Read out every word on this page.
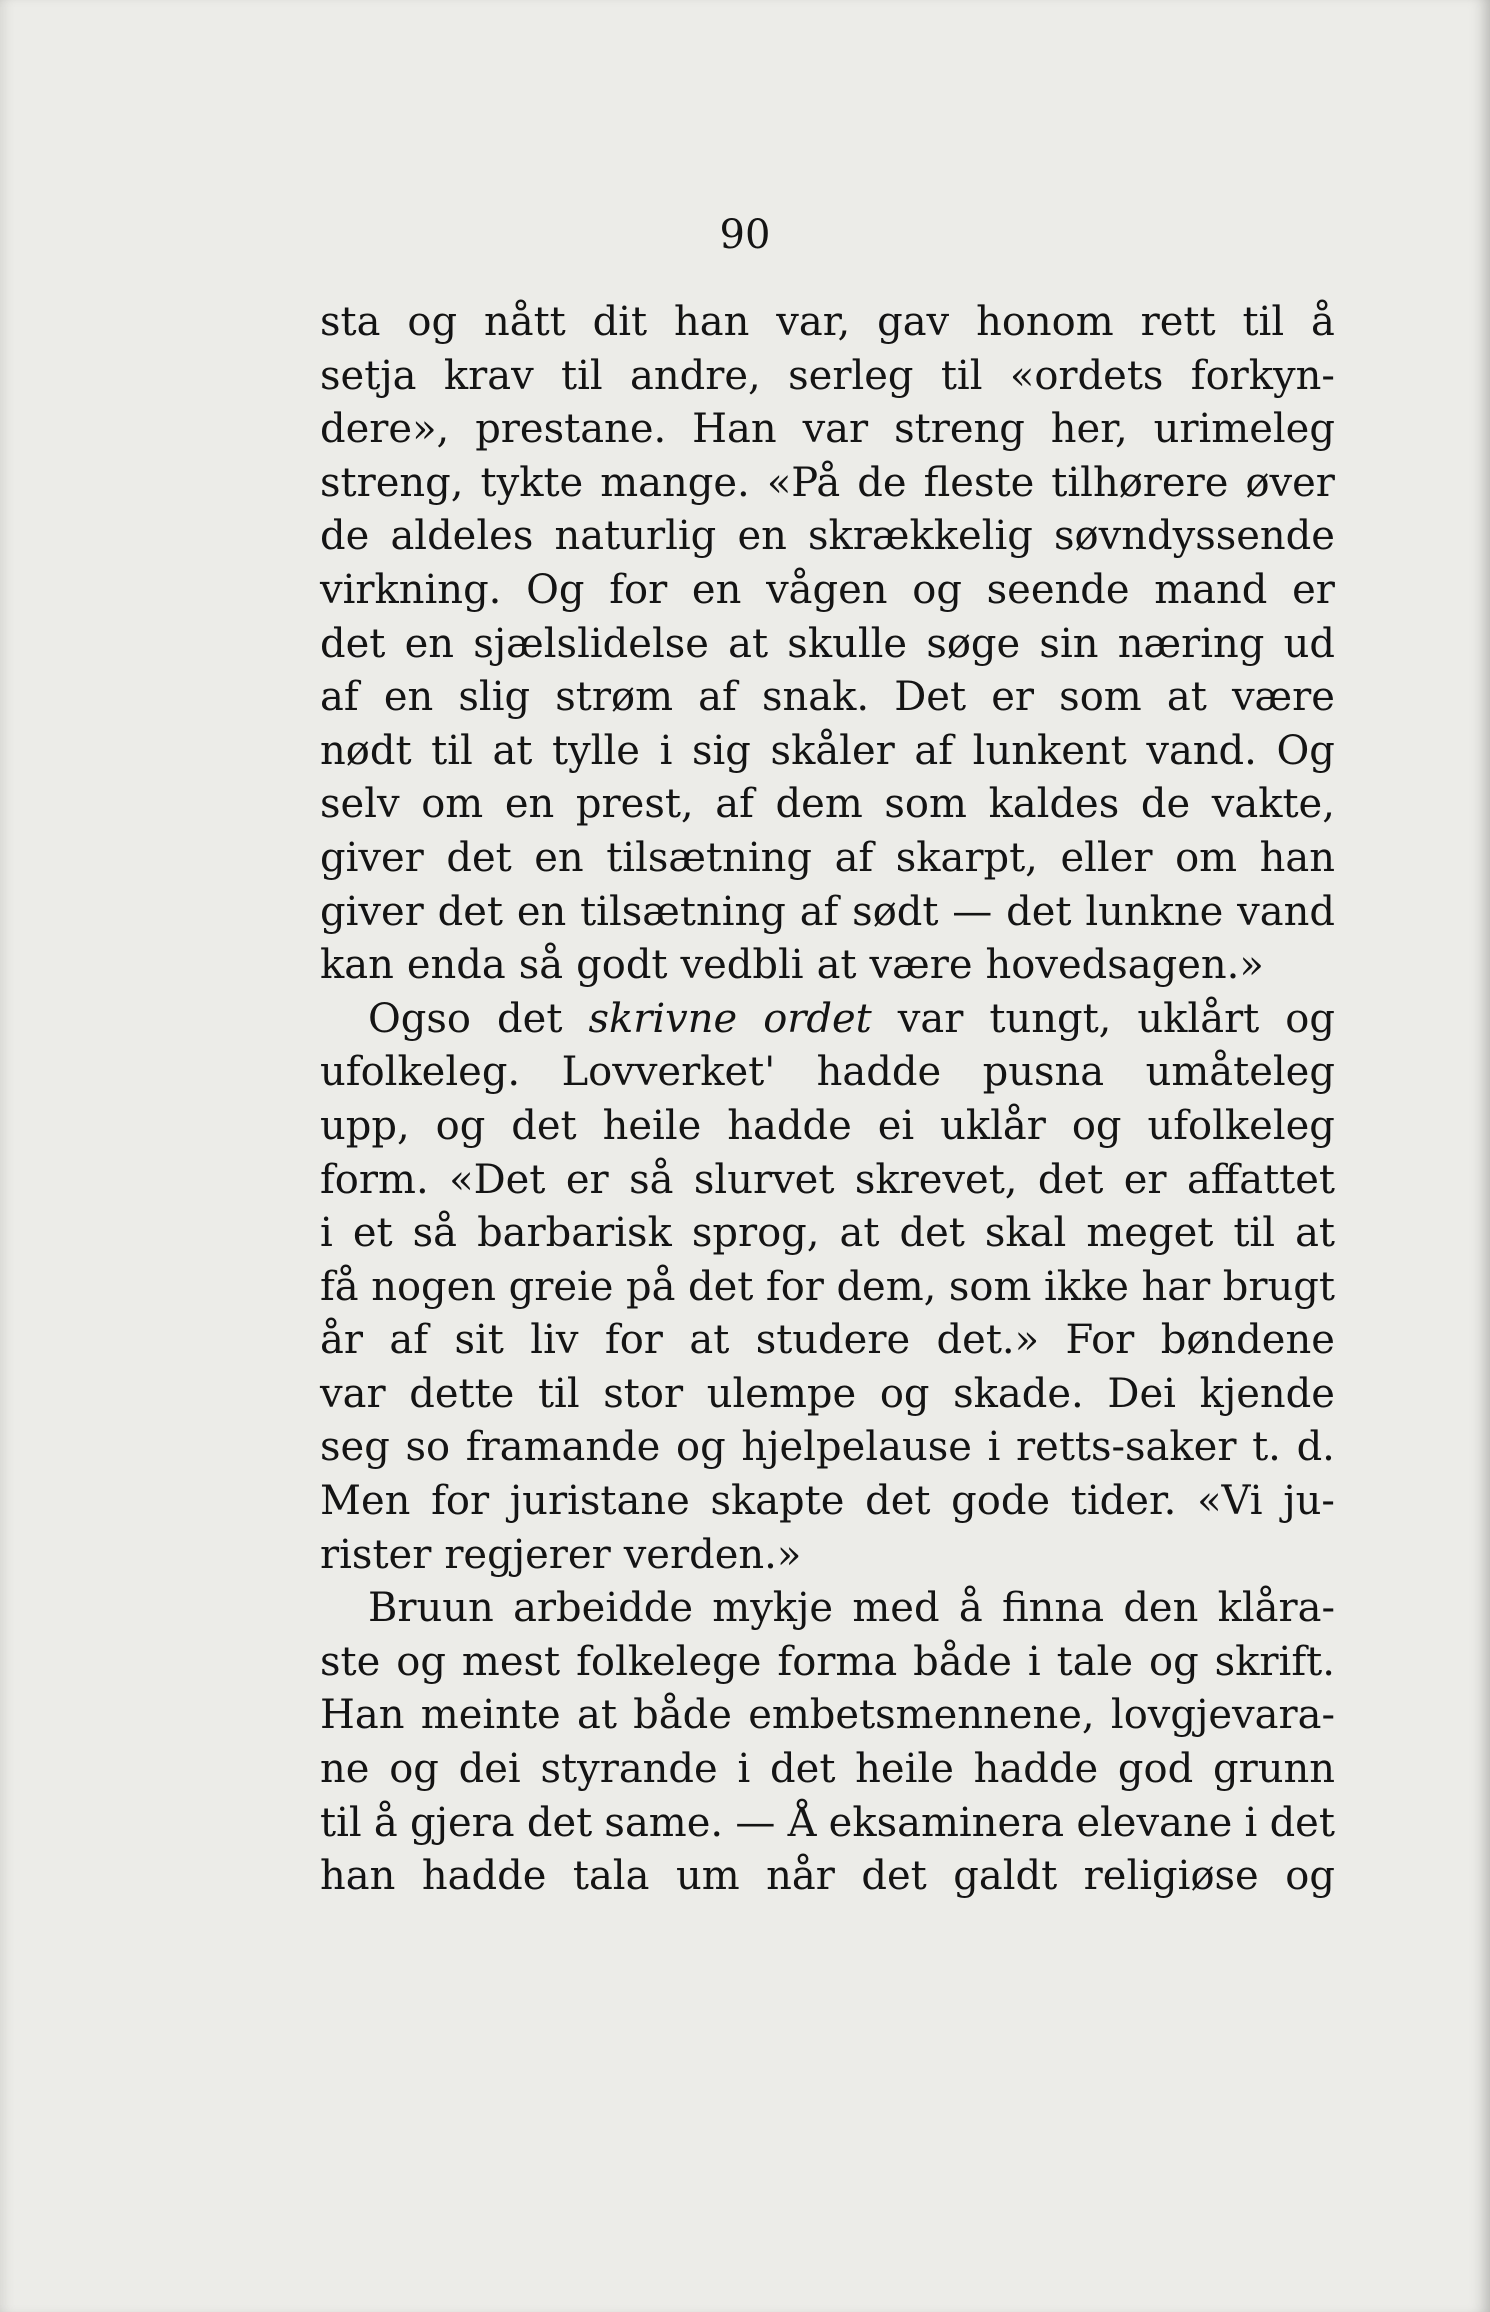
90
sta og nått dit han var, gav honom rett til å
setja krav til andre, serleg til «ordets forkyn-
dere», prestane. Han var streng her, urimeleg
streng, tykte mange. «På de fleste tilhørere øver
de aldeles naturlig en skrækkelig søvndyssende
virkning. Og for en vågen og seende mand er
det en sjælslidelse at skulle søge sin næring ud
af en slig strøm af snak. Det er som at være
nødt til at tylle i sig skåler af lunkent vand. Og
selv om en prest, af dem som kaldes de vakte,
giver det en tilsætning af skarpt, eller om han
giver det en tilsætning af sødt — det lunkne vand
kan enda så godt vedbli at være hovedsagen.»
Ogso det skrivne ordet var tungt, uklårt og
ufolkeleg. Lovverket' hadde pusna umåteleg
upp, og det heile hadde ei uklår og ufolkeleg
form. «Det er så slurvet skrevet, det er affattet
i et så barbarisk sprog, at det skal meget til at
få nogen greie på det for dem, som ikke har brugt
år af sit liv for at studere det.» For bøndene
var dette til stor ulempe og skade. Dei kjende
seg so framande og hjelpelause i retts-saker t. d.
Men for juristane skapte det gode tider. «Vi ju-
rister regjerer verden.»
Bruun arbeidde mykje med å finna den klåra-
ste og mest folkelege forma både i tale og skrift.
Han meinte at både embetsmennene, lovgjevara-
ne og dei styrande i det heile hadde god grunn
til å gjera det same. — Å eksaminera elevane i det
han hadde tala um når det galdt religiøse og
